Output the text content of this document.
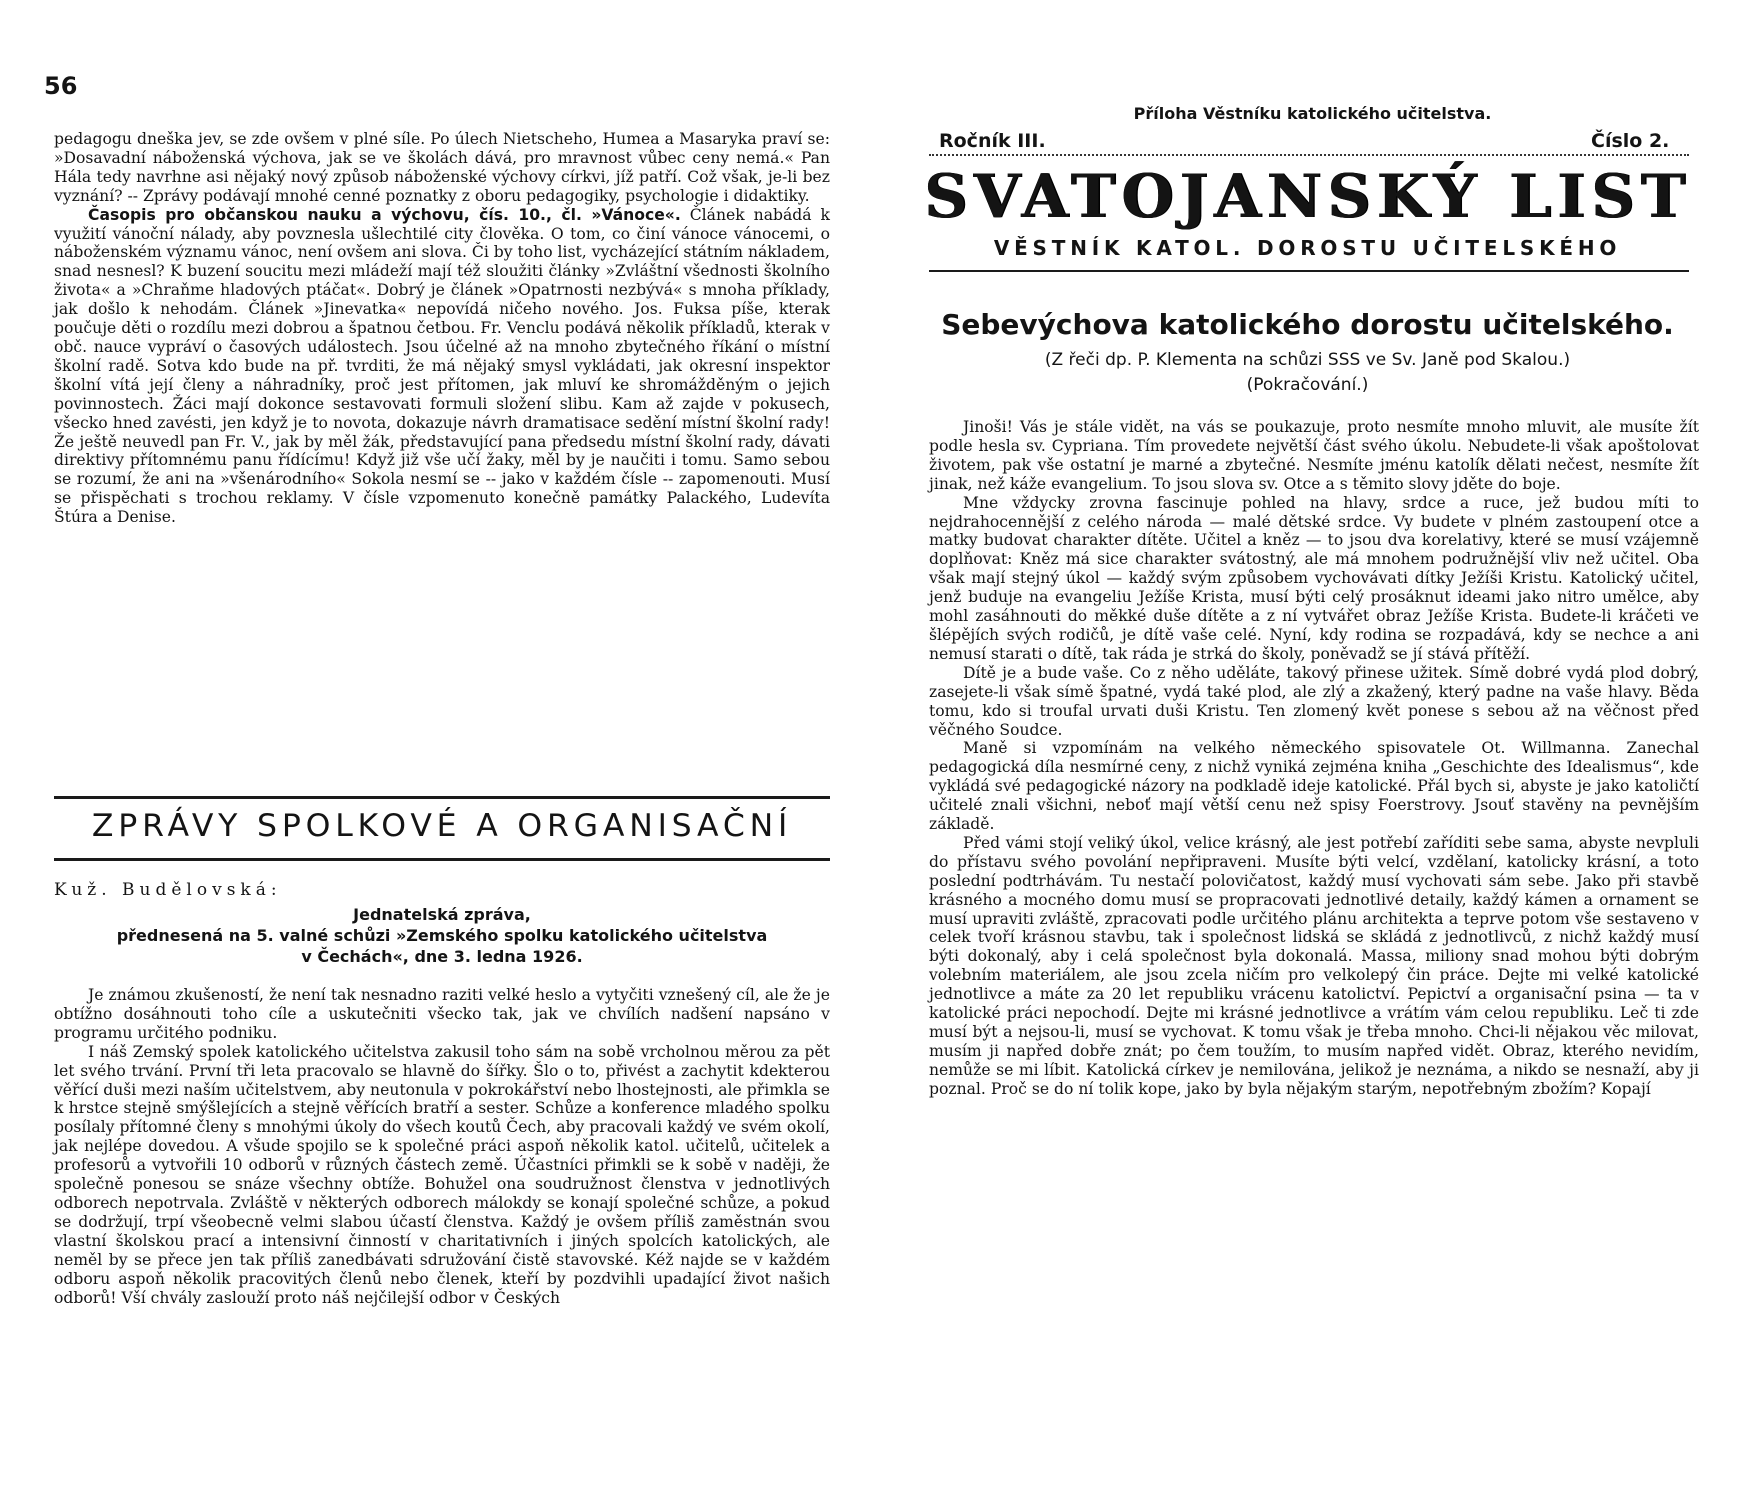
56

pedagogu dneška jev, se zde ovšem v plné síle. Po úlech Nietscheho, Humea a Masaryka praví se: »Dosavadní náboženská výchova, jak se ve školách dává, pro mravnost vůbec ceny nemá.« Pan Hála tedy navrhne asi nějaký nový způsob náboženské výchovy církvi, jíž patří. Což však, je-li bez vyznání? -- Zprávy podávají mnohé cenné poznatky z oboru pedagogiky, psychologie i didaktiky.

Časopis pro občanskou nauku a výchovu, čís. 10., čl. »Vánoce«. Článek nabádá k využití vánoční nálady, aby povznesla ušlechtilé city člověka. O tom, co činí vánoce vánocemi, o náboženském významu vánoc, není ovšem ani slova. Či by toho list, vycházející státním nákladem, snad nesnesl? K buzení soucitu mezi mládeží mají též sloužiti články »Zvláštní všednosti školního života« a »Chraňme hladových ptáčat«. Dobrý je článek »Opatrnosti nezbývá« s mnoha příklady, jak došlo k nehodám. Článek »Jinevatka« nepovídá ničeho nového. Jos. Fuksa píše, kterak poučuje děti o rozdílu mezi dobrou a špatnou četbou. Fr. Venclu podává několik příkladů, kterak v obč. nauce vypráví o časových událostech. Jsou účelné až na mnoho zbytečného říkání o místní školní radě. Sotva kdo bude na př. tvrditi, že má nějaký smysl vykládati, jak okresní inspektor školní vítá její členy a náhradníky, proč jest přítomen, jak mluví ke shromážděným o jejich povinnostech. Žáci mají dokonce sestavovati formuli složení slibu. Kam až zajde v pokusech, všecko hned zavésti, jen když je to novota, dokazuje návrh dramatisace sedění místní školní rady! Že ještě neuvedl pan Fr. V., jak by měl žák, představující pana předsedu místní školní rady, dávati direktivy přítomnému panu řídícímu! Když již vše učí žaky, měl by je naučiti i tomu. Samo sebou se rozumí, že ani na »všenárodního« Sokola nesmí se -- jako v každém čísle -- zapomenouti. Musí se přispěchati s trochou reklamy. V čísle vzpomenuto konečně památky Palackého, Ludevíta Štúra a Denise.

ZPRÁVY SPOLKOVÉ A ORGANISAČNÍ
Kuž. Budělovská:
Jednatelská zpráva,
přednesená na 5. valné schůzi »Zemského spolku katolického učitelstva
v Čechách«, dne 3. ledna 1926.

Je známou zkušeností, že není tak nesnadno raziti velké heslo a vytyčiti vznešený cíl, ale že je obtížno dosáhnouti toho cíle a uskutečniti všecko tak, jak ve chvílích nadšení napsáno v programu určitého podniku.

I náš Zemský spolek katolického učitelstva zakusil toho sám na sobě vrcholnou měrou za pět let svého trvání. První tři leta pracovalo se hlavně do šířky. Šlo o to, přivést a zachytit kdekterou věřící duši mezi naším učitelstvem, aby neutonula v pokrokářství nebo lhostejnosti, ale přimkla se k hrstce stejně smýšlejících a stejně věřících bratří a sester. Schůze a konference mladého spolku posílaly přítomné členy s mnohými úkoly do všech koutů Čech, aby pracovali každý ve svém okolí, jak nejlépe dovedou. A všude spojilo se k společné práci aspoň několik katol. učitelů, učitelek a profesorů a vytvořili 10 odborů v různých částech země. Účastníci přimkli se k sobě v naději, že společně ponesou se snáze všechny obtíže. Bohužel ona soudružnost členstva v jednotlivých odborech nepotrvala. Zvláště v některých odborech málokdy se konají společné schůze, a pokud se dodržují, trpí všeobecně velmi slabou účastí členstva. Každý je ovšem příliš zaměstnán svou vlastní školskou prací a intensivní činností v charitativních i jiných spolcích katolických, ale neměl by se přece jen tak příliš zanedbávati sdružování čistě stavovské. Kéž najde se v každém odboru aspoň několik pracovitých členů nebo členek, kteří by pozdvihli upadající život našich odborů! Vší chvály zaslouží proto náš nejčilejší odbor v Českých

Příloha Věstníku katolického učitelstva.
Ročník III.	Číslo 2.
SVATOJANSKÝ LIST
VĚSTNÍK KATOL. DOROSTU UČITELSKÉHO
Sebevýchova katolického dorostu učitelského.
(Z řeči dp. P. Klementa na schůzi SSS ve Sv. Janě pod Skalou.)
(Pokračování.)

Jinoši! Vás je stále vidět, na vás se poukazuje, proto nesmíte mnoho mluvit, ale musíte žít podle hesla sv. Cypriana. Tím provedete největší část svého úkolu. Nebudete-li však apoštolovat životem, pak vše ostatní je marné a zbytečné. Nesmíte jménu katolík dělati nečest, nesmíte žít jinak, než káže evangelium. To jsou slova sv. Otce a s těmito slovy jděte do boje.

Mne vždycky zrovna fascinuje pohled na hlavy, srdce a ruce, jež budou míti to nejdrahocennější z celého národa — malé dětské srdce. Vy budete v plném zastoupení otce a matky budovat charakter dítěte. Učitel a kněz — to jsou dva korelativy, které se musí vzájemně doplňovat: Kněz má sice charakter svátostný, ale má mnohem podružnější vliv než učitel. Oba však mají stejný úkol — každý svým způsobem vychovávati dítky Ježíši Kristu. Katolický učitel, jenž buduje na evangeliu Ježíše Krista, musí býti celý prosáknut ideami jako nitro umělce, aby mohl zasáhnouti do měkké duše dítěte a z ní vytvářet obraz Ježíše Krista. Budete-li kráčeti ve šlépějích svých rodičů, je dítě vaše celé. Nyní, kdy rodina se rozpadává, kdy se nechce a ani nemusí starati o dítě, tak ráda je strká do školy, poněvadž se jí stává přítěží.

Dítě je a bude vaše. Co z něho uděláte, takový přinese užitek. Símě dobré vydá plod dobrý, zasejete-li však símě špatné, vydá také plod, ale zlý a zkažený, který padne na vaše hlavy. Běda tomu, kdo si troufal urvati duši Kristu. Ten zlomený květ ponese s sebou až na věčnost před věčného Soudce.

Maně si vzpomínám na velkého německého spisovatele Ot. Willmanna. Zanechal pedagogická díla nesmírné ceny, z nichž vyniká zejména kniha „Geschichte des Idealismus“, kde vykládá své pedagogické názory na podkladě ideje katolické. Přál bych si, abyste je jako katoličtí učitelé znali všichni, neboť mají větší cenu než spisy Foerstrovy. Jsouť stavěny na pevnějším základě.

Před vámi stojí veliký úkol, velice krásný, ale jest potřebí zaříditi sebe sama, abyste nevpluli do přístavu svého povolání nepřipraveni. Musíte býti velcí, vzdělaní, katolicky krásní, a toto poslední podtrhávám. Tu nestačí polovičatost, každý musí vychovati sám sebe. Jako při stavbě krásného a mocného domu musí se propracovati jednotlivé detaily, každý kámen a ornament se musí upraviti zvláště, zpracovati podle určitého plánu architekta a teprve potom vše sestaveno v celek tvoří krásnou stavbu, tak i společnost lidská se skládá z jednotlivců, z nichž každý musí býti dokonalý, aby i celá společnost byla dokonalá. Massa, miliony snad mohou býti dobrým volebním materiálem, ale jsou zcela ničím pro velkolepý čin práce. Dejte mi velké katolické jednotlivce a máte za 20 let republiku vrácenu katolictví. Pepictví a organisační psina — ta v katolické práci nepochodí. Dejte mi krásné jednotlivce a vrátím vám celou republiku. Leč ti zde musí být a nejsou-li, musí se vychovat. K tomu však je třeba mnoho. Chci-li nějakou věc milovat, musím ji napřed dobře znát; po čem toužím, to musím napřed vidět. Obraz, kterého nevidím, nemůže se mi líbit. Katolická církev je nemilována, jelikož je neznáma, a nikdo se nesnaží, aby ji poznal. Proč se do ní tolik kope, jako by byla nějakým starým, nepotřebným zbožím? Kopají
